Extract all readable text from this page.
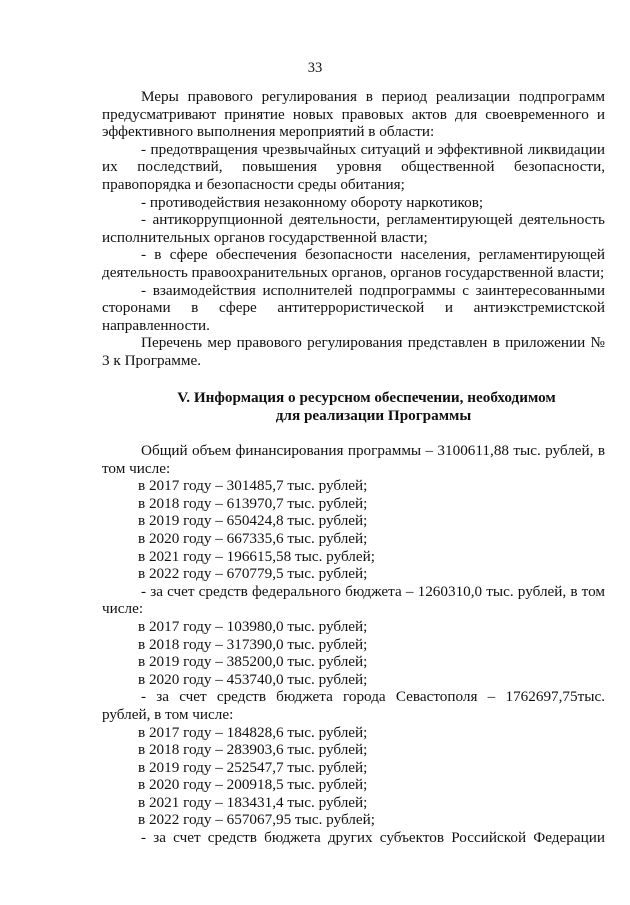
33

Меры правового регулирования в период реализации подпрограмм предусматривают принятие новых правовых актов для своевременного и эффективного выполнения мероприятий в области:

- предотвращения чрезвычайных ситуаций и эффективной ликвидации их последствий, повышения уровня общественной безопасности, правопорядка и безопасности среды обитания;

- противодействия незаконному обороту наркотиков;

- антикоррупционной деятельности, регламентирующей деятельность исполнительных органов государственной власти;

- в сфере обеспечения безопасности населения, регламентирующей деятельность правоохранительных органов, органов государственной власти;

- взаимодействия исполнителей подпрограммы с заинтересованными сторонами в сфере антитеррористической и антиэкстремистской направленности.

Перечень мер правового регулирования представлен в приложении № 3 к Программе.

V. Информация о ресурсном обеспечении, необходимом
для реализации Программы

Общий объем финансирования программы – 3100611,88 тыс. рублей, в том числе:

в 2017 году – 301485,7 тыс. рублей;

в 2018 году – 613970,7 тыс. рублей;

в 2019 году – 650424,8 тыс. рублей;

в 2020 году – 667335,6 тыс. рублей;

в 2021 году – 196615,58 тыс. рублей;

в 2022 году – 670779,5 тыс. рублей;

- за счет средств федерального бюджета – 1260310,0 тыс. рублей, в том числе:

в 2017 году – 103980,0 тыс. рублей;

в 2018 году – 317390,0 тыс. рублей;

в 2019 году – 385200,0 тыс. рублей;

в 2020 году – 453740,0 тыс. рублей;

- за счет средств бюджета города Севастополя – 1762697,75тыс. рублей, в том числе:

в 2017 году – 184828,6 тыс. рублей;

в 2018 году – 283903,6 тыс. рублей;

в 2019 году – 252547,7 тыс. рублей;

в 2020 году – 200918,5 тыс. рублей;

в 2021 году – 183431,4 тыс. рублей;

в 2022 году – 657067,95 тыс. рублей;

- за счет средств бюджета других субъектов Российской Федерации
